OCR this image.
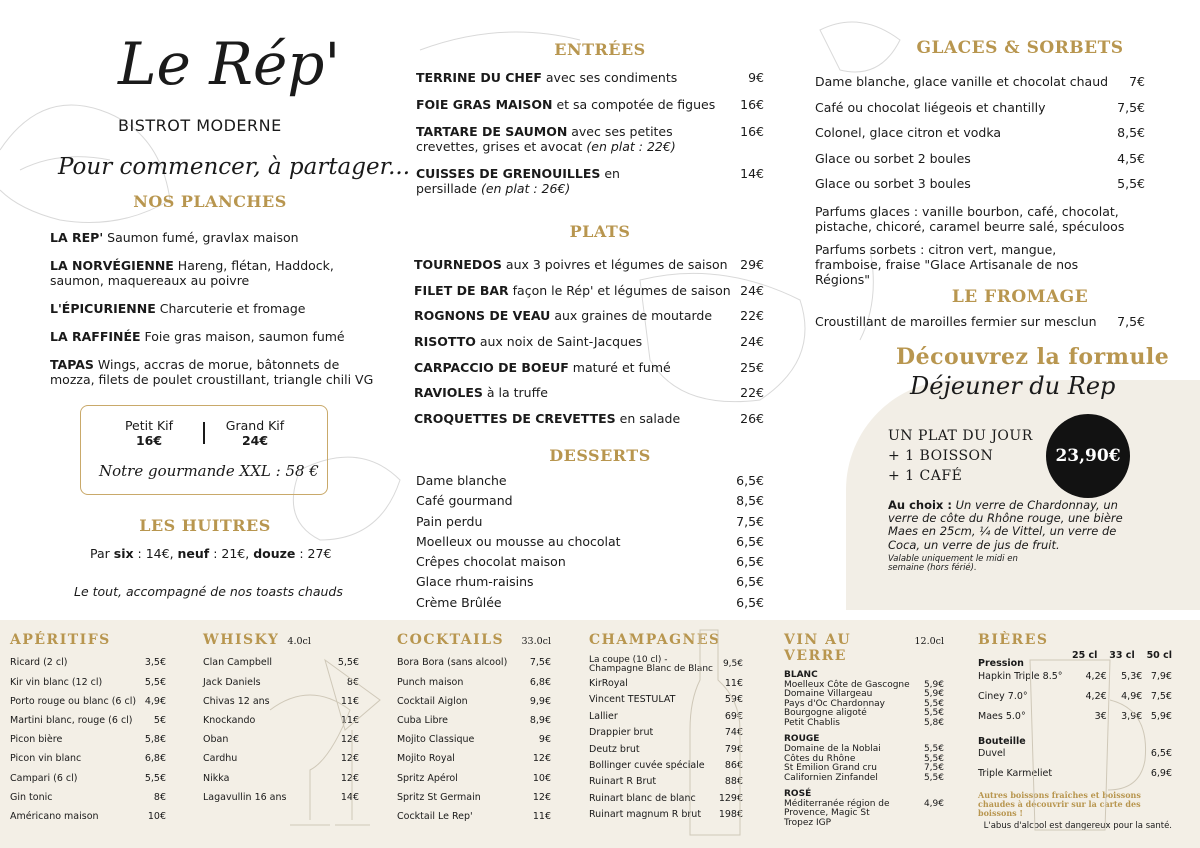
Le Rép'
BISTROT MODERNE
Pour commencer, à partager...
NOS PLANCHES
LA REP' Saumon fumé, gravlax maison
LA NORVÉGIENNE Hareng, flétan, Haddock, saumon, maquereaux au poivre
L'ÉPICURIENNE Charcuterie et fromage
LA RAFFINÉE Foie gras maison, saumon fumé
TAPAS Wings, accras de morue, bâtonnets de mozza, filets de poulet croustillant, triangle chili VG
Petit Kif
16€
Grand Kif
24€
Notre gourmande XXL : 58 €
LES HUITRES
Par six : 14€, neuf : 21€, douze : 27€
Le tout, accompagné de nos toasts chauds
ENTRÉES
TERRINE DU CHEF avec ses condiments	9€
FOIE GRAS MAISON et sa compotée de figues	16€
TARTARE DE SAUMON avec ses petites crevettes, grises et avocat (en plat : 22€)
16€
CUISSES DE GRENOUILLES en persillade (en plat : 26€)
14€
PLATS
TOURNEDOS aux 3 poivres et légumes de saison 29€
FILET DE BAR façon le Rép' et légumes de saison 24€
ROGNONS DE VEAU aux graines de moutarde 22€
RISOTTO aux noix de Saint-Jacques	24€
CARPACCIO DE BOEUF maturé et fumé	25€
RAVIOLES à la truffe	22€
CROQUETTES DE CREVETTES en salade	26€
DESSERTS
Dame blanche	6,5€
Café gourmand	8,5€
Pain perdu	7,5€
Moelleux ou mousse au chocolat	6,5€
Crêpes chocolat maison	6,5€
Glace rhum-raisins	6,5€
Crème Brûlée	6,5€
GLACES & SORBETS
Dame blanche, glace vanille et chocolat chaud 7€
Café ou chocolat liégeois et chantilly	7,5€
Colonel, glace citron et vodka	8,5€
Glace ou sorbet 2 boules	4,5€
Glace ou sorbet 3 boules	5,5€
Parfums glaces : vanille bourbon, café, chocolat, pistache, chicoré, caramel beurre salé, spéculoos
Parfums sorbets : citron vert, mangue, framboise, fraise "Glace Artisanale de nos Régions"
LE FROMAGE
Croustillant de maroilles fermier sur mesclun 7,5€
Découvrez la formule
Déjeuner du Rep
UN PLAT DU JOUR
+ 1 BOISSON
+ 1 CAFÉ
23,90€
Au choix : Un verre de Chardonnay, un verre de côte du Rhône rouge, une bière Maes en 25cm, ¼ de Vittel, un verre de Coca, un verre de jus de fruit.
Valable uniquement le midi en semaine (hors férié).
APÉRITIFS
Ricard (2 cl)	3,5€
Kir vin blanc (12 cl)	5,5€
Porto rouge ou blanc (6 cl) 4,9€
Martini blanc, rouge (6 cl) 5€
Picon bière	5,8€
Picon vin blanc	6,8€
Campari (6 cl)	5,5€
Gin tonic	8€
Américano maison	10€
WHISKY 4.0cl
Clan Campbell	5,5€
Jack Daniels	8€
Chivas 12 ans	11€
Knockando	11€
Oban	12€
Cardhu	12€
Nikka	12€
Lagavullin 16 ans	14€
COCKTAILS 33.0cl
Bora Bora (sans alcool) 7,5€
Punch maison	6,8€
Cocktail Aiglon	9,9€
Cuba Libre	8,9€
Mojito Classique	9€
Mojito Royal	12€
Spritz Apérol	10€
Spritz St Germain	12€
Cocktail Le Rep'	11€
CHAMPAGNES
La coupe (10 cl) - Champagne Blanc de Blanc 9,5€
KirRoyal	11€
Vincent TESTULAT	59€
Lallier	69€
Drappier brut	74€
Deutz brut	79€
Bollinger cuvée spéciale 86€
Ruinart R Brut	88€
Ruinart blanc de blanc 129€
Ruinart magnum R brut 198€
VIN AU VERRE
12.0cl
BLANC
Moelleux Côte de Gascogne 5,9€
Domaine Villargeau	5,9€
Pays d'Oc Chardonnay	5,5€
Bourgogne aligoté	5,5€
Petit Chablis	5,8€
ROUGE
Domaine de la Noblai	5,5€
Côtes du Rhône	5,5€
St Emilion Grand cru	7,5€
Californien Zinfandel	5,5€
ROSÉ
Méditerranée région de Provence, Magic St Tropez IGP
4,9€
BIÈRES
25 cl 33 cl 50 cl
Pression
Hapkin Triple 8.5°	4,2€	5,3€ 7,9€
Ciney 7.0°	4,2€	4,9€ 7,5€
Maes 5.0°	3€	3,9€ 5,9€
Bouteille
Duvel	6,5€
Triple Karmeliet	6,9€
Autres boissons fraîches et boissons chaudes à découvrir sur la carte des boissons !
L'abus d'alcool est dangereux pour la santé.
